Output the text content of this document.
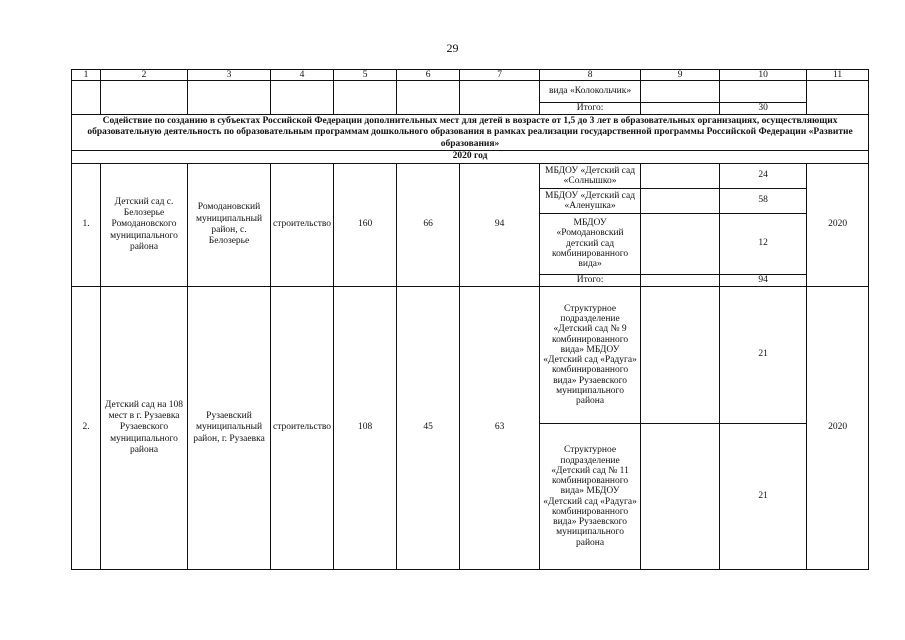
29
1	2	3	4	5	6	7	8	9	10	11
							вида «Колокольчик»			
							Итого:		30	
Содействие по созданию в субъектах Российской Федерации дополнительных мест для детей в возрасте от 1,5 до 3 лет в образовательных организациях, осуществляющих образовательную деятельность по образовательным программам дошкольного образования в рамках реализации государственной программы Российской Федерации «Развитие образования»										
2020 год										
1.	Детский сад с. Белозерье Ромодановского муниципального района	Ромодановский муниципальный район, с. Белозерье	строительство	160	66	94	МБДОУ «Детский сад «Солнышко»		24	2020
							МБДОУ «Детский сад «Аленушка»		58	
							МБДОУ «Ромодановский детский сад комбинированного вида»		12	
							Итого:		94	
2.	Детский сад на 108 мест в г. Рузаевка Рузаевского муниципального района	Рузаевский муниципальный район, г. Рузаевка	строительство	108	45	63	Структурное подразделение «Детский сад № 9 комбинированного вида» МБДОУ «Детский сад «Радуга» комбинированного вида» Рузаевского муниципального района		21	2020
							Структурное подразделение «Детский сад № 11 комбинированного вида» МБДОУ «Детский сад «Радуга» комбинированного вида» Рузаевского муниципального района		21	
